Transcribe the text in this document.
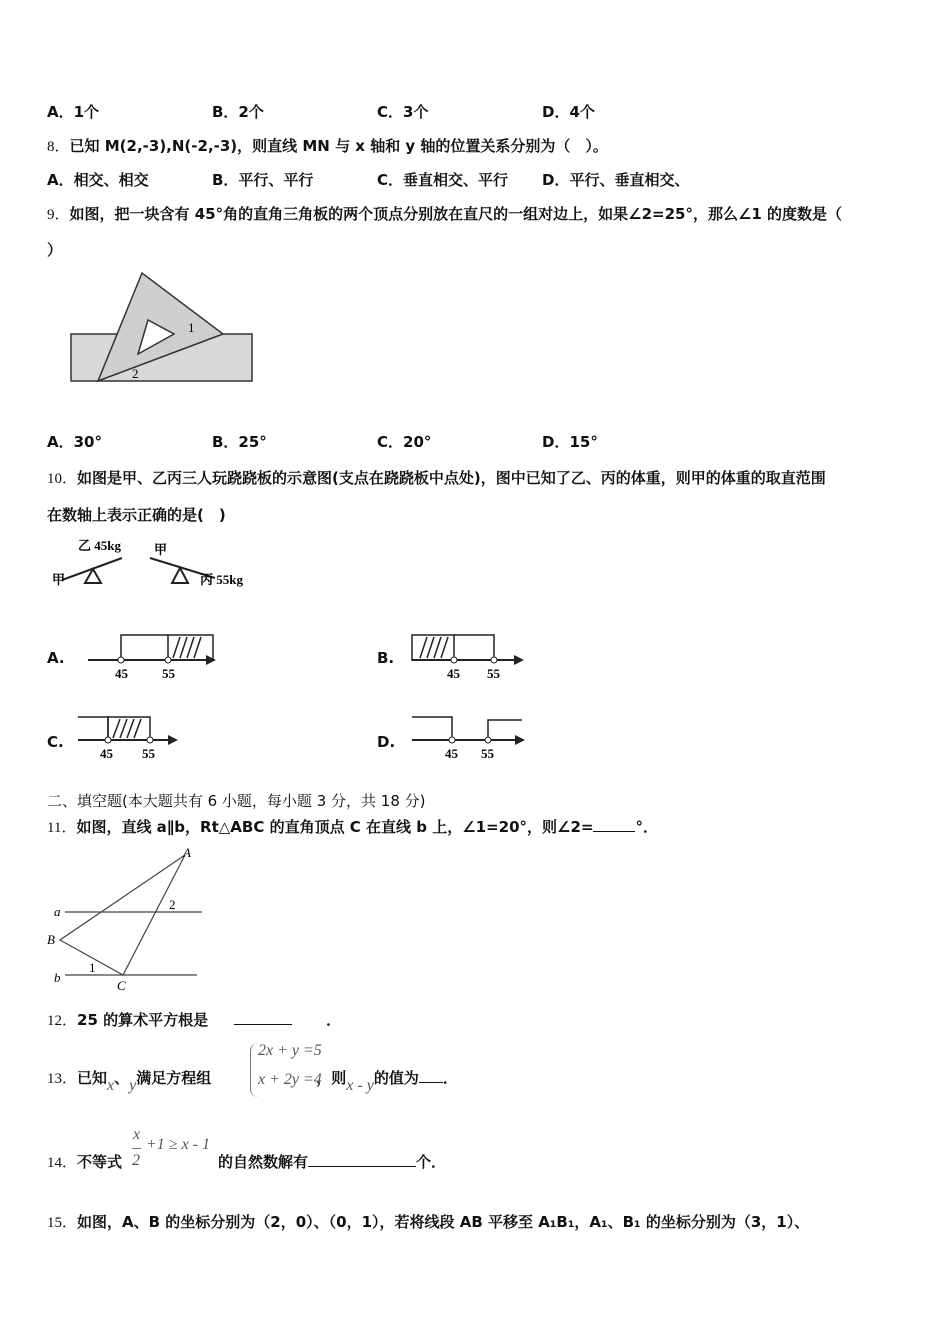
A．1个	B．2个	C．3个	D．4个
8．已知 M(2,-3),N(-2,-3)，则直线 MN 与 x 轴和 y 轴的位置关系分别为（　）。
A．相交、相交	B．平行、平行	C．垂直相交、平行 D．平行、垂直相交、
9．如图，把一块含有 45°角的直角三角板的两个顶点分别放在直尺的一组对边上，如果∠2=25°，那么∠1 的度数是（
）
1
2
A．30°	B．25°	C．20°	D．15°
10．如图是甲、乙丙三人玩跷跷板的示意图(支点在跷跷板中点处)，图中已知了乙、丙的体重，则甲的体重的取直范围
在数轴上表示正确的是(　)
乙 45kg
甲
甲
丙 55kg
A.
45	55
B.
45 55
C.
45 55
D.
45 55
二、填空题(本大题共有 6 小题，每小题 3 分，共 18 分)
11．如图，直线 a∥b，Rt△ABC 的直角顶点 C 在直线 b 上，∠1=20°，则∠2=	°．
A
B
C
a
b
1
2
12．25 的算术平方根是	．
13．已知x、y满足方程组	，则x - y的值为 ．
2x + y =5
x + 2y =4
14．不等式	的自然数解有	个．
x
2
+1 ≥ x - 1
15．如图，A、B 的坐标分别为（2，0）、（0，1），若将线段 AB 平移至 A₁B₁，A₁、B₁ 的坐标分别为（3，1）、
